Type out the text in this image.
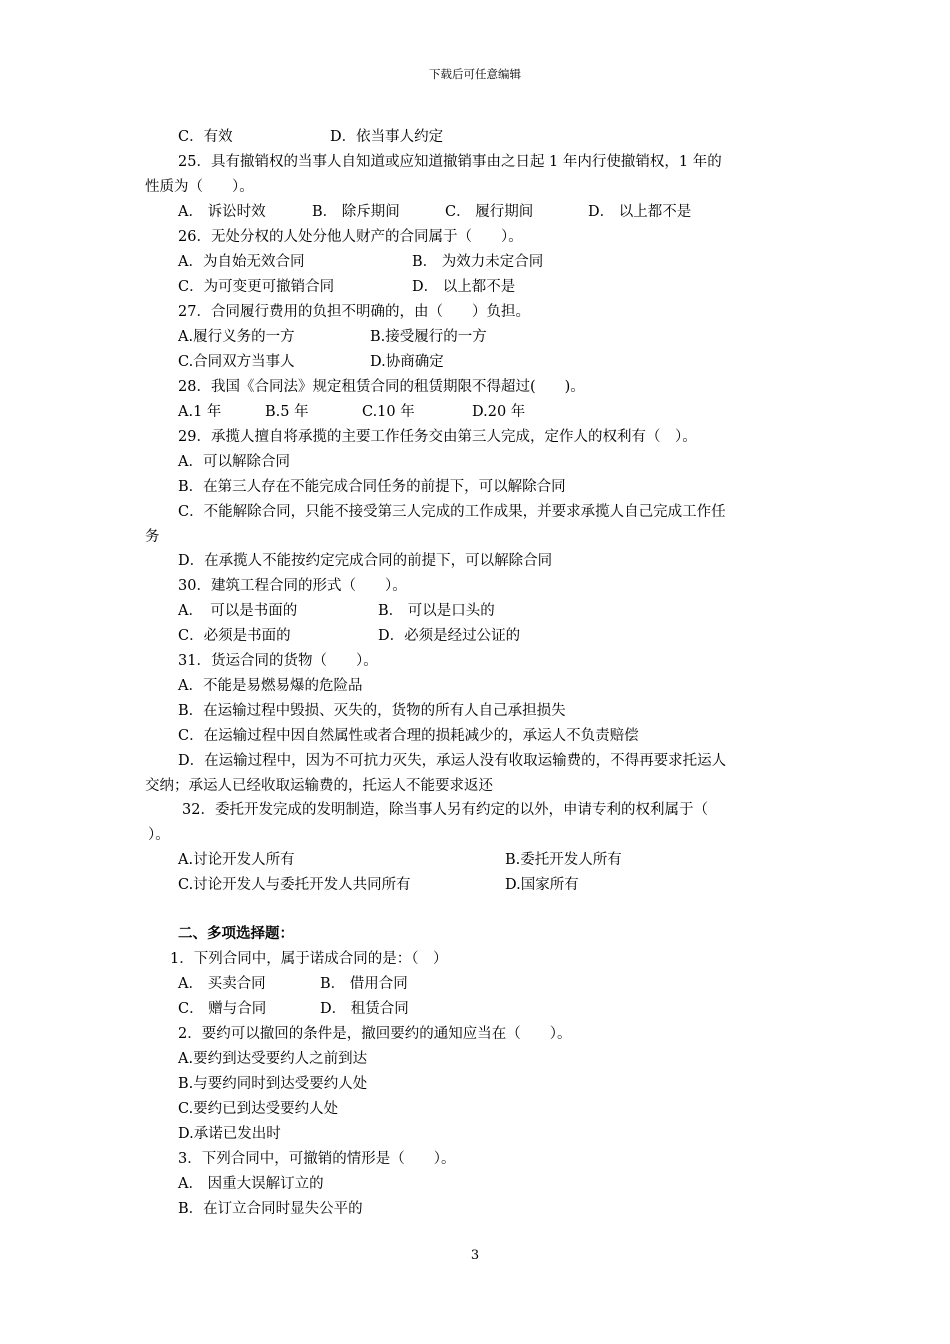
下载后可任意编辑
C．有效	D．依当事人约定
25．具有撤销权的当事人自知道或应知道撤销事由之日起 1 年内行使撤销权，1 年的
性质为（　　）。
A． 诉讼时效	B． 除斥期间	C． 履行期间	D． 以上都不是
26．无处分权的人处分他人财产的合同属于（　　）。
A．为自始无效合同	B． 为效力未定合同
C．为可变更可撤销合同	D． 以上都不是
27．合同履行费用的负担不明确的，由（　　）负担。
A.履行义务的一方	B.接受履行的一方
C.合同双方当事人	D.协商确定
28．我国《合同法》规定租赁合同的租赁期限不得超过(　　)。
A.1 年	B.5 年	C.10 年	D.20 年
29．承揽人擅自将承揽的主要工作任务交由第三人完成，定作人的权利有（　）。
A．可以解除合同
B．在第三人存在不能完成合同任务的前提下，可以解除合同
C．不能解除合同，只能不接受第三人完成的工作成果，并要求承揽人自己完成工作任
务
D．在承揽人不能按约定完成合同的前提下，可以解除合同
30．建筑工程合同的形式（　　）。
A．　可以是书面的	B． 可以是口头的
C．必须是书面的	D．必须是经过公证的
31．货运合同的货物（　　）。
A．不能是易燃易爆的危险品
B．在运输过程中毁损、灭失的，货物的所有人自己承担损失
C．在运输过程中因自然属性或者合理的损耗减少的，承运人不负责赔偿
D．在运输过程中，因为不可抗力灭失，承运人没有收取运输费的，不得再要求托运人
交纳；承运人已经收取运输费的，托运人不能要求返还
32．委托开发完成的发明制造，除当事人另有约定的以外，申请专利的权利属于（
）。
A.讨论开发人所有	B.委托开发人所有
C.讨论开发人与委托开发人共同所有	D.国家所有
二、多项选择题：
1．下列合同中，属于诺成合同的是：（　）
A． 买卖合同	B． 借用合同
C． 赠与合同	D． 租赁合同
2．要约可以撤回的条件是，撤回要约的通知应当在（　　）。
A.要约到达受要约人之前到达
B.与要约同时到达受要约人处
C.要约已到达受要约人处
D.承诺已发出时
3．下列合同中，可撤销的情形是（　　）。
A． 因重大误解订立的
B．在订立合同时显失公平的
3
